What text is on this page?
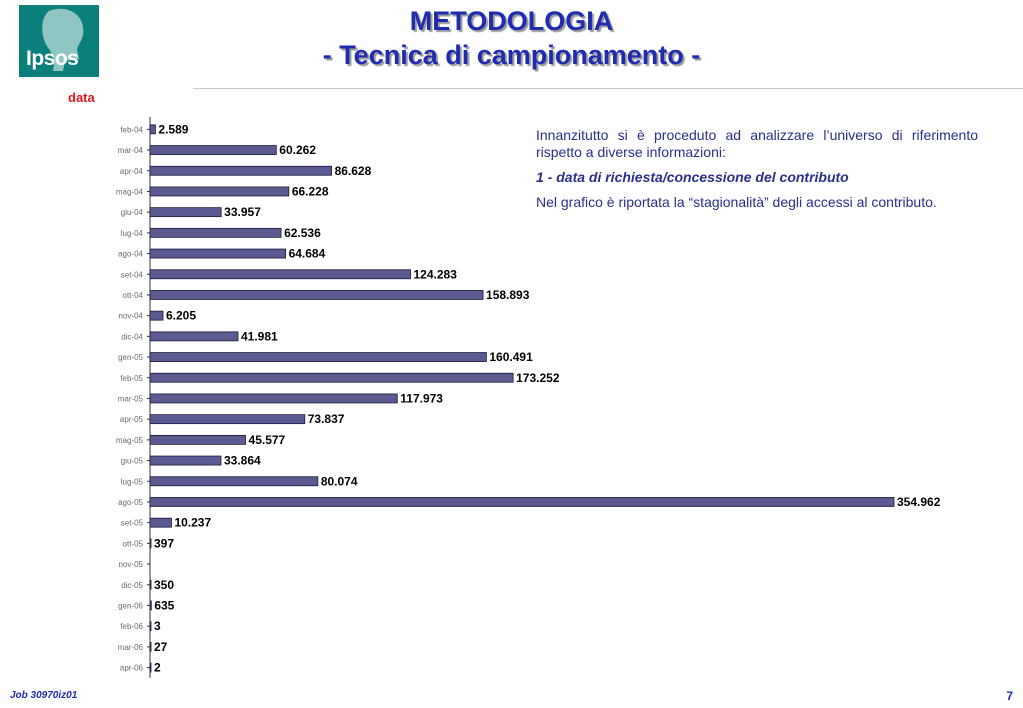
Ipsos
METODOLOGIA
- Tecnica di campionamento -
data
feb-04 2.589
mar-04	60.262
apr-04	86.628
mag-04	66.228
giu-04	33.957
lug-04	62.536
ago-04	64.684
set-04	124.283
ott-04	158.893
nov-04 6.205
dic-04	41.981
gen-05	160.491
feb-05	173.252
mar-05	117.973
apr-05	73.837
mag-05	45.577
giu-05	33.864
lug-05	80.074
ago-05	354.962
set-05	10.237
ott-05 397
nov-05
dic-05 350
gen-06 635
feb-06 3
mar-06 27
apr-06 2

Innanzitutto si è proceduto ad analizzare l’universo di riferimento rispetto a diverse informazioni:

1 - data di richiesta/concessione del contributo

Nel grafico è riportata la “stagionalità” degli accessi al contributo.

Job 30970iz01	7
